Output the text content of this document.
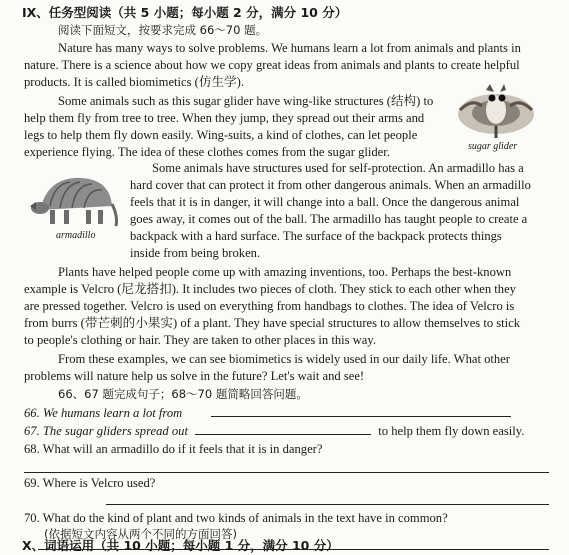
IX、任务型阅读（共 5 小题；每小题 2 分，满分 10 分）
阅读下面短文，按要求完成 66～70 题。
Nature has many ways to solve problems. We humans learn a lot from animals and plants in
nature. There is a science about how we copy great ideas from animals and plants to create helpful
products. It is called biomimetics (仿生学).
Some animals such as this sugar glider have wing-like structures (结构) to
help them fly from tree to tree. When they jump, they spread out their arms and
legs to help them fly down easily. Wing-suits, a kind of clothes, can let people
experience flying. The idea of these clothes comes from the sugar glider.	sugar glider
Some animals have structures used for self-protection. An armadillo has a
hard cover that can protect it from other dangerous animals. When an armadillo
feels that it is in danger, it will change into a ball. Once the dangerous animal
goes away, it comes out of the ball. The armadillo has taught people to create a
backpack with a hard surface. The surface of the backpack protects things
inside from being broken.
armadillo
Plants have helped people come up with amazing inventions, too. Perhaps the best-known
example is Velcro (尼龙搭扣). It includes two pieces of cloth. They stick to each other when they
are pressed together. Velcro is used on everything from handbags to clothes. The idea of Velcro is
from burrs (带芒刺的小果实) of a plant. They have special structures to allow themselves to stick
to people's clothing or hair. They are taken to other places in this way.
From these examples, we can see biomimetics is widely used in our daily life. What other
problems will nature help us solve in the future? Let's wait and see!
66、67 题完成句子；68～70 题简略回答问题。
66. We humans learn a lot from
67. The sugar gliders spread out	to help them fly down easily.
68. What will an armadillo do if it feels that it is in danger?
69. Where is Velcro used?
70. What do the kind of plant and two kinds of animals in the text have in common?
(依据短文内容从两个不同的方面回答)
X、词语运用（共 10 小题；每小题 1 分，满分 10 分）
